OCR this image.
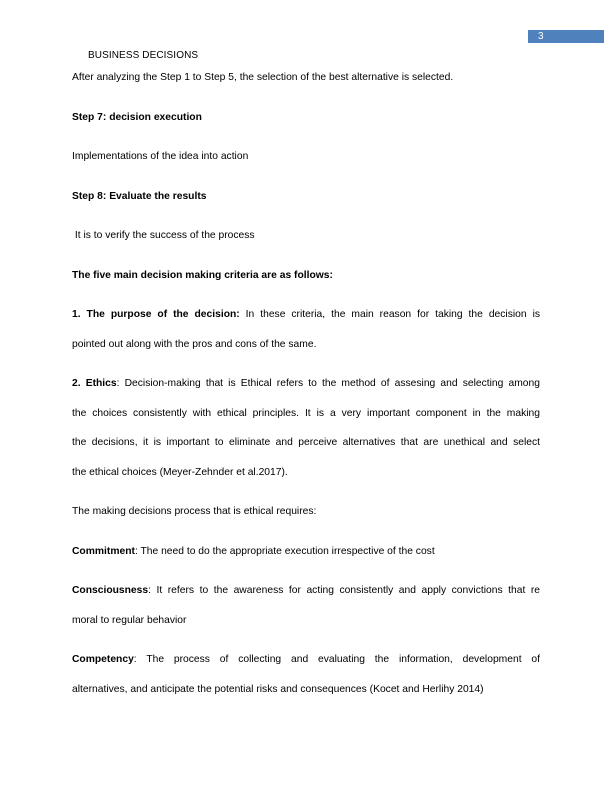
3
BUSINESS DECISIONS

After analyzing the Step 1 to Step 5, the selection of the best alternative is selected.

Step 7: decision execution

Implementations of the idea into action

Step 8: Evaluate the results

It is to verify the success of the process

The five main decision making criteria are as follows:

1. The purpose of the decision: In these criteria, the main reason for taking the decision is

pointed out along with the pros and cons of the same.

2. Ethics: Decision-making that is Ethical refers to the method of assesing and selecting among

the choices consistently with ethical principles. It is a very important component in the making

the decisions, it is important to eliminate and perceive alternatives that are unethical and select

the ethical choices (Meyer-Zehnder et al.2017).

The making decisions process that is ethical requires:

Commitment: The need to do the appropriate execution irrespective of the cost

Consciousness: It refers to the awareness for acting consistently and apply convictions that re

moral to regular behavior

Competency: The process of collecting and evaluating the information, development of

alternatives, and anticipate the potential risks and consequences (Kocet and Herlihy 2014)
